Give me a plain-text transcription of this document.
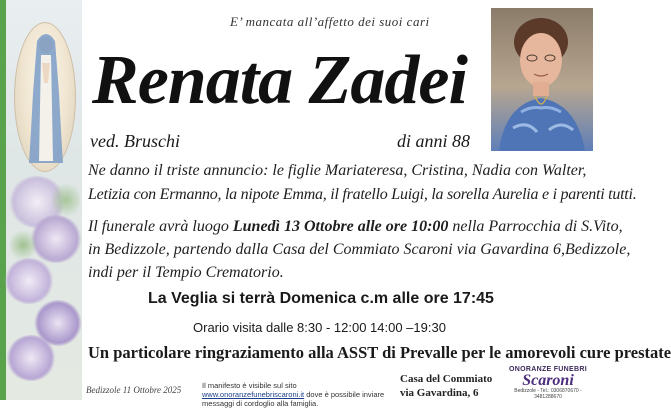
E’ mancata all’affetto dei suoi cari
Renata Zadei
ved. Bruschi	di anni 88
Ne danno il triste annuncio: le figlie Mariateresa, Cristina, Nadia con Walter,
Letizia con Ermanno, la nipote Emma, il fratello Luigi, la sorella Aurelia e i parenti tutti.
Il funerale avrà luogo Lunedì 13 Ottobre alle ore 10:00 nella Parrocchia di S.Vito,
in Bedizzole, partendo dalla Casa del Commiato Scaroni via Gavardina 6,Bedizzole,
indi per il Tempio Crematorio.
La Veglia si terrà Domenica c.m alle ore 17:45
Orario visita dalle 8:30 - 12:00 14:00 –19:30
Un particolare ringraziamento alla ASST di Prevalle per le amorevoli cure prestate
Bedizzole 11 Ottobre 2025	Il manifesto è visibile sul sito www.onoranzefunebriscaroni.it dove è possibile inviare messaggi di cordoglio alla famiglia.
Casa del Commiato
via Gavardina, 6
ONORANZE FUNEBRI
Scaroni
Bedizzole - Tel.: 0306870670 - 3481288670
